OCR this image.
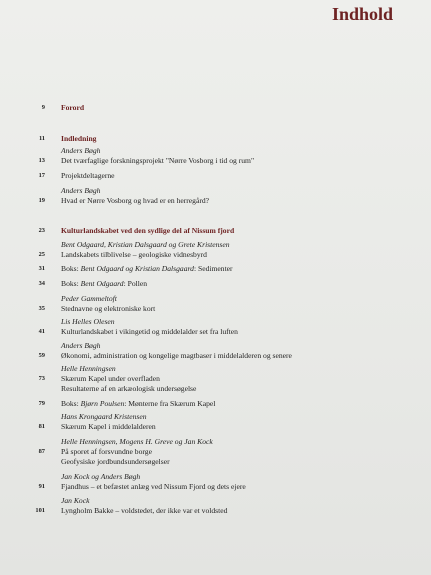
Indhold
9 Forord
11 Indledning
Anders Bøgh
13 Det tværfaglige forskningsprojekt "Nørre Vosborg i tid og rum"
17 Projektdeltagerne
Anders Bøgh
19 Hvad er Nørre Vosborg og hvad er en herregård?
23 Kulturlandskabet ved den sydlige del af Nissum fjord
Bent Odgaard, Kristian Dalsgaard og Grete Kristensen
25 Landskabets tilblivelse – geologiske vidnesbyrd
31 Boks: Bent Odgaard og Kristian Dalsgaard: Sedimenter
34 Boks: Bent Odgaard: Pollen
Peder Gammeltoft
35 Stednavne og elektroniske kort
Lis Helles Olesen
41 Kulturlandskabet i vikingetid og middelalder set fra luften
Anders Bøgh
59 Økonomi, administration og kongelige magtbaser i middelalderen og senere
Helle Henningsen
73 Skærum Kapel under overfladen
Resultaterne af en arkæologisk undersøgelse
79 Boks: Bjørn Poulsen: Mønterne fra Skærum Kapel
Hans Krongaard Kristensen
81 Skærum Kapel i middelalderen
Helle Henningsen, Mogens H. Greve og Jan Kock
87 På sporet af forsvundne borge
Geofysiske jordbundsundersøgelser
Jan Kock og Anders Bøgh
91 Fjandhus – et befæstet anlæg ved Nissum Fjord og dets ejere
Jan Kock
101 Lyngholm Bakke – voldstedet, der ikke var et voldsted
